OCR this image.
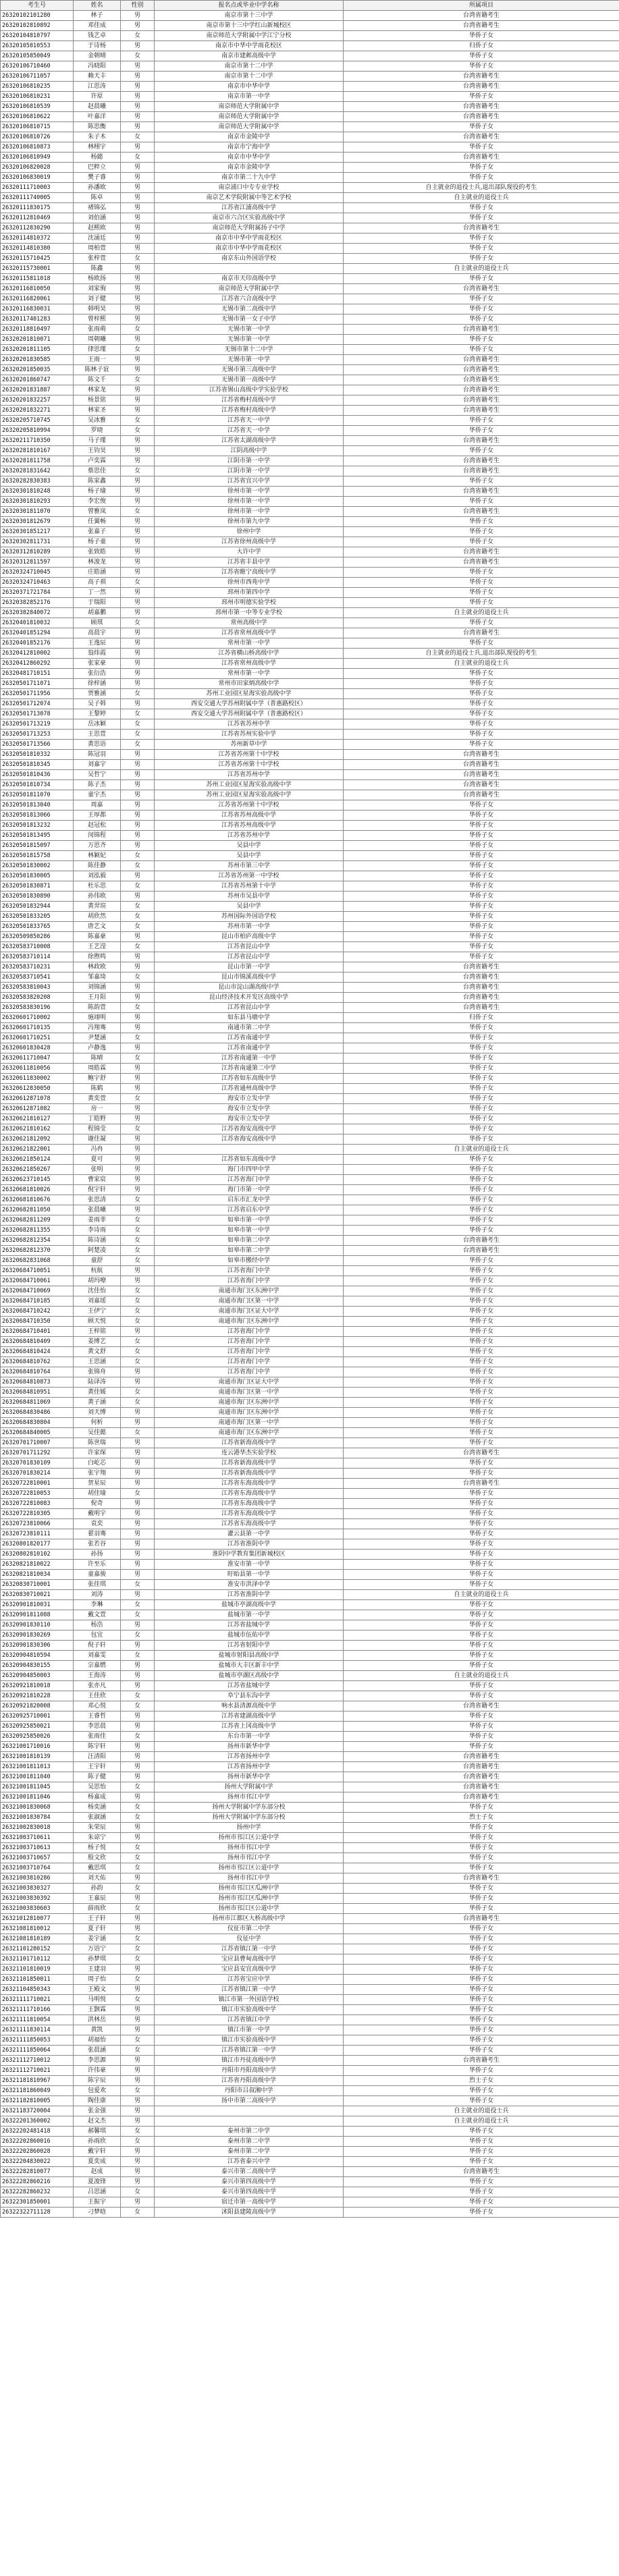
考生号	姓名	性别	报名点或毕业中学名称	所属项目
26320102101280	林子	男	南京市第十三中学	台湾省籍考生
26320102810892	邓佳成	男	南京市第十三中学红山新城校区	台湾省籍考生
26320104810797	钱艺卓	女	南京师范大学附属中学江宁分校	华侨子女
26320105810553	于诗杨	男	南京市中华中学雨花校区	归侨子女
26320105850049	金朝晴	女	南京市建邺高级中学	华侨子女
26320106710460	冯晓阳	男	南京市第十二中学	华侨子女
26320106711057	赖天丰	男	南京市第十二中学	台湾省籍考生
26320106810235	江思涛	男	南京市中华中学	台湾省籍考生
26320106810231	许原	男	南京市第一中学	华侨子女
26320106810539	赵晨曦	男	南京师范大学附属中学	台湾省籍考生
26320106810622	叶嘉洋	男	南京师范大学附属中学	台湾省籍考生
26320106810715	陈思衡	男	南京师范大学附属中学	华侨子女
26320106810726	朱子木	女	南京市金陵中学	台湾省籍考生
26320106810873	林栩宇	男	南京市宁海中学	华侨子女
26320106810949	杨懿	女	南京市中华中学	台湾省籍考生
26320106820028	巴粹立	男	南京市金陵中学	华侨子女
26320106830019	樊子睿	男	南京市第二十九中学	华侨子女
26320111710003	孙潘欧	男	南京浦口中专专业学校	自主就业的退役士兵,退出部队现役的考生
26320111740005	陈卓	男	南京艺术学院附属中等艺术学校	自主就业的退役士兵
26320111830175	褚锦弘	男	江苏省江浦高级中学	华侨子女
26320112810469	刘伯涵	男	南京市六合区实验高级中学	华侨子女
26320112830290	赵熙欧	男	南京师范大学附属扬子中学	台湾省籍考生
26320114810372	沈涌廷	男	南京市中华中学雨花校区	华侨子女
26320114810380	周柏萱	男	南京市中华中学雨花校区	华侨子女
26320115710425	张梓萱	女	南京东山外国语学校	华侨子女
26320115730001	陈鑫	男		自主就业的退役士兵
26320115811018	杨欧扬	男	南京市天印高级中学	华侨子女
26320116810050	刘家驹	男	南京师范大学附属中学	台湾省籍考生
26320116820061	刘子健	男	江苏省六合高级中学	华侨子女
26320116830031	韩明昊	男	无锡市第二高级中学	华侨子女
26320117401283	曾梓熙	男	无锡市第一女子中学	华侨子女
26320118810497	张雨萌	女	无锡市第一中学	台湾省籍考生
26320201810071	周朝曦	男	无锡市第一中学	华侨子女
26320201811105	律思瑾	女	无锡市第十二中学	华侨子女
26320201830585	王雨一	男	无锡市第一中学	台湾省籍考生
26320201850035	陈林子谊	男	无锡市第三高级中学	台湾省籍考生
26320201860747	陈文千	女	无锡市第一高级中学	台湾省籍考生
26320201831887	林家龙	男	江苏省锡山高级中学实验学校	台湾省籍考生
26320201832257	杨景铭	男	江苏省梅村高级中学	台湾省籍考生
26320201832271	林家圣	男	江苏省梅村高级中学	台湾省籍考生
26320205710745	吴冰雅	女	江苏省天一中学	华侨子女
26320205810994	罗晓	女	江苏省天一中学	华侨子女
26320211710350	马子瑾	男	江苏省太湖高级中学	台湾省籍考生
26320281810167	王钧昊	男	江阴高级中学	华侨子女
26320281811758	卢奕霖	男	江阴市第一中学	台湾省籍考生
26320281831642	蔡思佳	女	江阴市第一中学	台湾省籍考生
26320282830383	陈家鑫	男	江苏省宜兴中学	华侨子女
26320301810248	杨子瑜	男	徐州市第一中学	台湾省籍考生
26320301810293	李宏俊	男	徐州市第一中学	华侨子女
26320301811070	曾雅岚	女	徐州市第一中学	台湾省籍考生
26320301812679	任翼畅	男	徐州市第九中学	华侨子女
26320301851217	张嘉子	男	徐州中学	华侨子女
26320302811731	杨子童	男	江苏省徐州高级中学	华侨子女
26320312810289	张致皓	男	大许中学	台湾省籍考生
26320312811597	林浚龙	男	江苏省丰县中学	台湾省籍考生
26320324710045	庄皓涵	男	江苏省睢宁高级中学	华侨子女
26320324710463	高子祺	女	徐州市西苑中学	华侨子女
26320371721784	丁一然	男	邳州市第四中学	华侨子女
26320382852176	于瑞阳	男	邳州市明德实验学校	华侨子女
26320382840072	胡嘉鹏	男	邳州市第一中等专业学校	自主就业的退役士兵
26320401810032	顾琪	女	常州高级中学	华侨子女
26320401851294	高晨宇	男	江苏省常州高级中学	台湾省籍考生
26320401852176	王逸辰	男	常州市第一中学	华侨子女
26320412810002	翁炜霞	男	江苏省横山桥高级中学	自主就业的退役士兵,退出部队现役的考生
26320412860292	张家豪	男	江苏省常州高级中学	自主就业的退役士兵
26320481710151	张衍浩	男	常州市第一中学	华侨子女
26320501711071	徐梓涵	男	常州市田家炳高级中学	华侨子女
26320501711956	贾雅涵	女	苏州工业园区星海实验高级中学	华侨子女
26320501712074	吴子韩	男	西安交通大学苏州附属中学（普惠路校区）	华侨子女
26320501713078	王黎婷	女	西安交通大学苏州附属中学（普惠路校区）	华侨子女
26320501713219	岳冰颖	女	江苏省苏州中学	华侨子女
26320501713253	王思萱	女	江苏省苏州实验中学	华侨子女
26320501713566	黄思语	女	苏州新草中学	华侨子女
26320501810332	陈冠羽	男	江苏省苏州第十中学校	台湾省籍考生
26320501810345	刘嘉宇	男	江苏省苏州第十中学校	台湾省籍考生
26320501810436	吴哲宁	男	江苏省苏州中学	台湾省籍考生
26320501810734	陈子杰	男	苏州工业园区星海实验高级中学	台湾省籍考生
26320501811070	童宇杰	男	苏州工业园区星海实验高级中学	台湾省籍考生
26320501813040	周嘉	男	江苏省苏州第十中学校	华侨子女
26320501813066	王厚都	男	江苏省苏州高级中学	华侨子女
26320501813232	赵冠松	男	江苏省苏州高级中学	华侨子女
26320501813495	闵锦程	男	江苏省苏州中学	华侨子女
26320501815097	万思齐	男	吴县中学	华侨子女
26320501815758	林颖妃	女	吴县中学	华侨子女
26320501830002	陈佳静	女	苏州市第三中学	华侨子女
26320501830005	刘泓毅	男	江苏省苏州第一中学校	华侨子女
26320501830871	杜乐思	女	江苏省苏州第十中学	华侨子女
26320501830890	孙伟欧	男	苏州市吴县中学	华侨子女
26320501832944	黄羿瑄	女	吴县中学	华侨子女
26320501833205	胡欣然	女	苏州国际外国语学校	华侨子女
26320501833765	唐艺文	女	苏州市第一中学	华侨子女
26320509850286	陈嘉豪	男	昆山市柏庐高级中学	华侨子女
26320583710008	王艺滢	女	江苏省昆山中学	华侨子女
26320583710114	徐煦鸣	男	江苏省昆山中学	华侨子女
26320583710231	林政欧	男	昆山市第一中学	台湾省籍考生
26320583710541	邹嘉琦	女	昆山市锦溪高级中学	台湾省籍考生
26320583810043	刘锦涵	男	昆山市淀山湖高级中学	台湾省籍考生
26320583820208	王月阳	男	昆山经济技术开发区高级中学	台湾省籍考生
26320583830196	陈韵萱	女	江苏省昆山中学	台湾省籍考生
26320601710002	施翊明	男	如东县马塘中学	归侨子女
26320601710135	冯翔骞	男	南通市第二中学	华侨子女
26320601710251	尹楚涵	女	江苏省南通中学	华侨子女
26320601830428	卢静逸	男	江苏省南通中学	华侨子女
26320611710047	陈晴	女	江苏省南通第一中学	华侨子女
26320611810056	周皓霖	男	江苏省南通第二中学	华侨子女
26320611830002	鲍宇舒	男	江苏省如东高级中学	华侨子女
26320612830050	陈鹤	男	江苏省通州高级中学	华侨子女
26320612871078	黄奕萱	女	海安市立发中学	华侨子女
26320612871082	房一	男	海安市立发中学	华侨子女
26320621810127	丁皓野	男	海安市立发中学	华侨子女
26320621810162	程锦莹	女	江苏省海安高级中学	华侨子女
26320621812092	谢佳凝	男	江苏省海安高级中学	华侨子女
26320621822001	冯冉	男		自主就业的退役士兵
26320621850124	夏可	男	江苏省如东高级中学	华侨子女
26320621850267	张明	男	海门市四甲中学	华侨子女
26320623710145	曹家宸	男	江苏省海门中学	华侨子女
26320681810026	倪宇轩	男	海门市第一中学	华侨子女
26320681810676	张思清	女	启东市汇龙中学	华侨子女
26320682811050	张晨曦	男	江苏省启东中学	华侨子女
26320682811209	姜雨菲	女	如皋市第一中学	华侨子女
26320682811355	李诗雨	女	如皋市第一中学	华侨子女
26320682812354	陈诗涵	女	如皋市第二中学	台湾省籍考生
26320682812370	阿楚凌	女	如皋市第二中学	台湾省籍考生
26320682831068	童舒	女	如皋市搬经中学	华侨子女
26320684710051	杭航	男	江苏省海门中学	华侨子女
26320684710061	胡玛嘹	男	江苏省海门中学	华侨子女
26320684710069	沈佳怡	女	南通市海门区东洲中学	华侨子女
26320684710185	刘嘉瑶	女	南通市海门区第一中学	华侨子女
26320684710242	王伊宁	女	南通市海门区证大中学	华侨子女
26320684710350	顾天悦	女	南通市海门区东洲中学	华侨子女
26320684710401	王梓铭	男	江苏省海门中学	华侨子女
26320684810409	姜博艺	女	江苏省海门中学	华侨子女
26320684810424	黄文舒	女	江苏省海门中学	华侨子女
26320684810762	王思涵	女	江苏省海门中学	华侨子女
26320684810764	张锦舟	男	江苏省海门中学	华侨子女
26320684810873	陆译涛	男	南通市海门区证大中学	华侨子女
26320684810951	黄佳媛	女	南通市海门区第一中学	华侨子女
26320684811069	黄子涵	女	南通市海门区东洲中学	华侨子女
26320684830486	刘天博	男	南通市海门区东洲中学	华侨子女
26320684830804	何析	男	南通市海门区第一中学	华侨子女
26320684840005	吴佳懿	女	南通市海门区东洲中学	华侨子女
26320701710007	陈世瑞	男	江苏省新海高级中学	华侨子女
26320701711292	许家琛	男	连云港华杰实验学校	台湾省籍考生
26320701830109	白屹芯	男	江苏省新海高级中学	华侨子女
26320701830214	张宇翔	男	江苏省新海高级中学	华侨子女
26320722810001	贺星辰	男	江苏省东海高级中学	台湾省籍考生
26320722810053	胡佳瑜	女	江苏省东海高级中学	华侨子女
26320722810083	倪奇	男	江苏省东海高级中学	华侨子女
26320722810305	戴明宇	男	江苏省东海高级中学	华侨子女
26320723810066	袁奕	男	江苏省东海高级中学	华侨子女
26320723810111	翟羽骞	男	灌云县第一中学	华侨子女
26320801820177	张若谷	男	江苏省淮阴中学	华侨子女
26320802810102	孙扬	男	淮阴中学教育集团新城校区	华侨子女
26320821810022	许至乐	男	淮安市第一中学	华侨子女
26320821810034	童嘉骏	男	盱眙县第一中学	华侨子女
26320830710001	张佳琪	女	淮安市洪泽中学	华侨子女
26320830710021	刘涛	男	江苏省淮阴中学	自主就业的退役士兵
26320901810031	李琳	女	盐城市亭湖高级中学	华侨子女
26320901811088	戴文萱	女	盐城市第一中学	华侨子女
26320901830110	杨浩	男	江苏省盐城中学	华侨子女
26320901830269	包宜	女	盐城市伍佑中学	华侨子女
26320901830306	倪子轩	男	江苏省射阳中学	华侨子女
26320904810594	刘嘉雯	女	盐城市射阳县高级中学	华侨子女
26320904830155	宗嘉燃	男	盐城市大丰区新丰中学	华侨子女
26320904850003	王海涛	男	盐城市亭湖区高级中学	自主就业的退役士兵
26320921810018	张亦凡	男	江苏省盐城中学	华侨子女
26320921810228	王佳欣	女	阜宁县东沟中学	华侨子女
26320921820008	邓心悦	女	响水县清源高级中学	台湾省籍考生
26320925710001	王睿哲	男	江苏省建湖高级中学	华侨子女
26320925850021	李思晨	男	江苏省上冈高级中学	华侨子女
26320925850026	张雨佳	女	东台市第一中学	华侨子女
26321001710016	陈宇轩	男	扬州市新华中学	华侨子女
26321001810139	汪清阳	男	江苏省扬州中学	台湾省籍考生
26321001811013	王宇轩	男	江苏省扬州中学	台湾省籍考生
26321001811040	陈子健	男	扬州市新华中学	台湾省籍考生
26321001811045	吴思怡	女	扬州大学附属中学	台湾省籍考生
26321001811046	杨嘉成	男	扬州市邗江中学	台湾省籍考生
26321001830068	杨奕涵	女	扬州大学附属中学东部分校	华侨子女
26321001830784	张淑涵	女	扬州大学附属中学东部分校	烈士子女
26321002830018	朱荣辰	男	扬州中学	华侨子女
26321003710611	朱谅宁	男	扬州市邗江区公道中学	华侨子女
26321003710613	杨子悦	女	扬州市邗江中学	华侨子女
26321003710657	殷文欣	女	扬州市邗江中学	华侨子女
26321003710764	戴思琪	女	扬州市邗江区公道中学	华侨子女
26321003810286	刘天佑	男	扬州市邗江中学	台湾省籍考生
26321003830327	孙韵	女	扬州市邗江区瓜洲中学	华侨子女
26321003830392	王嘉辰	男	扬州市邗江区瓜洲中学	华侨子女
26321003830603	薛雨欣	女	扬州市邗江区公道中学	华侨子女
26321012810077	王子轩	男	扬州市江都区大桥高级中学	台湾省籍考生
26321081810012	夏子轩	男	仪征市第二中学	华侨子女
26321081810189	姜宇涵	女	仪征中学	华侨子女
26321101280152	万语宁	女	江苏省镇江第一中学	华侨子女
26321101710112	孙梦琪	女	宝应县曹甸高级中学	华侨子女
26321101810019	王建羽	男	宝应县安宜高级中学	华侨子女
26321101850011	周子怡	女	江苏省宝应中学	华侨子女
26321104850343	王殿文	男	江苏省镇江第一中学	华侨子女
26321111710021	马明悦	女	镇江市第一外国语学校	华侨子女
26321111710166	王颢霖	男	镇江市实验高级中学	华侨子女
26321111810054	洪林岳	男	江苏省镇江中学	华侨子女
26321111830114	黄凯	男	镇江市第一中学	华侨子女
26321111850053	胡福怡	女	镇江市实验高级中学	华侨子女
26321111850064	张晨涵	女	江苏省镇江第一中学	华侨子女
26321112710012	李思源	男	镇江市丹徒高级中学	台湾省籍考生
26321112710021	许伟豪	男	丹阳市丹阳高级中学	华侨子女
26321181810967	陈宇辰	男	江苏省丹阳高级中学	烈士子女
26321181860049	包爱欢	女	丹阳市吕叔湘中学	华侨子女
26321182810005	陶佳康	男	扬中市第二高级中学	华侨子女
26321183720004	张金强	男		自主就业的退役士兵
26322201360002	赵文杰	男		自主就业的退役士兵
26322202481418	郝馨琪	女	泰州市第二中学	华侨子女
26322202860016	孙雨欣	女	泰州市第二中学	华侨子女
26322202860028	戴宇轩	男	泰州市第二中学	华侨子女
26322204830022	夏奕成	男	江苏省泰兴中学	华侨子女
26322282810077	赵成	男	泰兴市第二高级中学	台湾省籍考生
26322282860216	夏浚锋	男	泰兴市第四高级中学	华侨子女
26322282860232	吕思涵	女	泰兴市第四高级中学	华侨子女
26322301850001	王振宇	男	宿迁市第一高级中学	华侨子女
26322322711128	刁梦晗	女	沭阳县建陵高级中学	华侨子女
